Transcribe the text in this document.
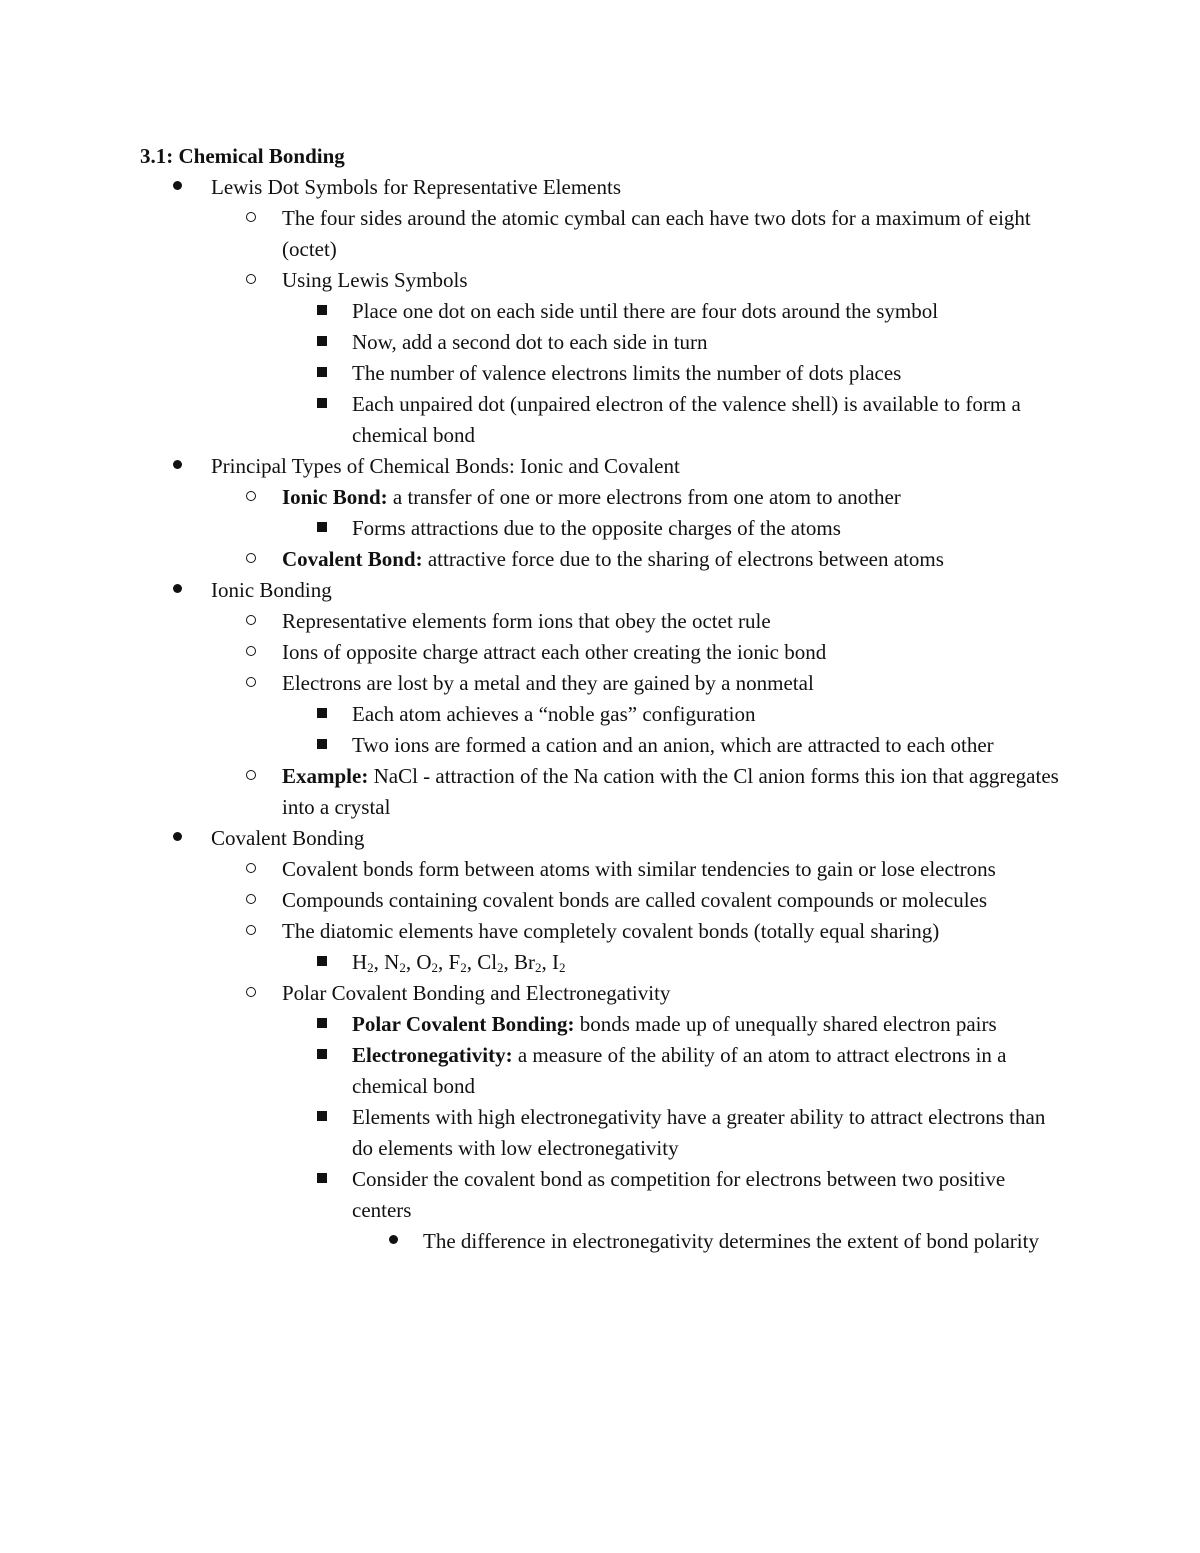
3.1: Chemical Bonding
Lewis Dot Symbols for Representative Elements
The four sides around the atomic cymbal can each have two dots for a maximum of eight (octet)
Using Lewis Symbols
Place one dot on each side until there are four dots around the symbol
Now, add a second dot to each side in turn
The number of valence electrons limits the number of dots places
Each unpaired dot (unpaired electron of the valence shell) is available to form a chemical bond
Principal Types of Chemical Bonds: Ionic and Covalent
Ionic Bond: a transfer of one or more electrons from one atom to another
Forms attractions due to the opposite charges of the atoms
Covalent Bond: attractive force due to the sharing of electrons between atoms
Ionic Bonding
Representative elements form ions that obey the octet rule
Ions of opposite charge attract each other creating the ionic bond
Electrons are lost by a metal and they are gained by a nonmetal
Each atom achieves a “noble gas” configuration
Two ions are formed a cation and an anion, which are attracted to each other
Example: NaCl - attraction of the Na cation with the Cl anion forms this ion that aggregates into a crystal
Covalent Bonding
Covalent bonds form between atoms with similar tendencies to gain or lose electrons
Compounds containing covalent bonds are called covalent compounds or molecules
The diatomic elements have completely covalent bonds (totally equal sharing)
$H_2$, $N_2$, $O_2$, $F_2$, $Cl_2$, $Br_2$, $I_2$
Polar Covalent Bonding and Electronegativity
Polar Covalent Bonding: bonds made up of unequally shared electron pairs
Electronegativity: a measure of the ability of an atom to attract electrons in a chemical bond
Elements with high electronegativity have a greater ability to attract electrons than do elements with low electronegativity
Consider the covalent bond as competition for electrons between two positive centers
The difference in electronegativity determines the extent of bond polarity
